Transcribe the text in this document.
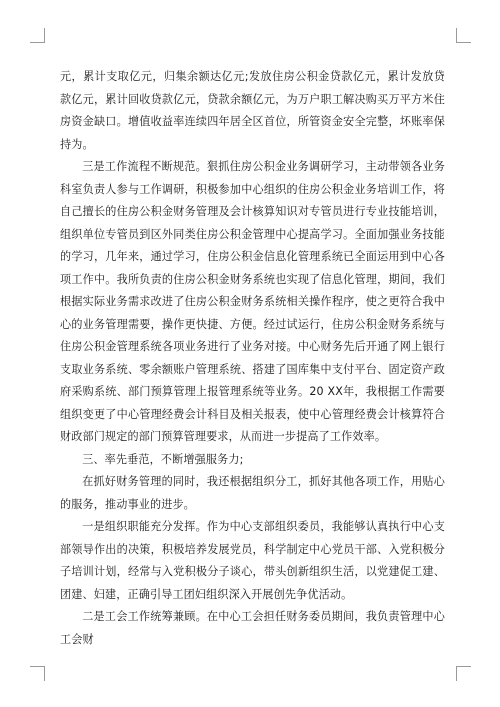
元，累计支取亿元，归集余额达亿元;发放住房公积金贷款亿元，累计发放贷款亿元，累计回收贷款亿元，贷款余额亿元，为万户职工解决购买万平方米住房资金缺口。增值收益率连续四年居全区首位，所管资金安全完整，坏账率保持为。

三是工作流程不断规范。狠抓住房公积金业务调研学习，主动带领各业务科室负责人参与工作调研，积极参加中心组织的住房公积金业务培训工作，将自己擅长的住房公积金财务管理及会计核算知识对专管员进行专业技能培训，组织单位专管员到区外同类住房公积金管理中心提高学习。全面加强业务技能的学习，几年来，通过学习，住房公积金信息化管理系统已全面运用到中心各项工作中。我所负责的住房公积金财务系统也实现了信息化管理，期间，我们根据实际业务需求改进了住房公积金财务系统相关操作程序，使之更符合我中心的业务管理需要，操作更快捷、方便。经过试运行，住房公积金财务系统与住房公积金管理系统各项业务进行了业务对接。中心财务先后开通了网上银行支取业务系统、零余额账户管理系统、搭建了国库集中支付平台、固定资产政府采购系统、部门预算管理上报管理系统等业务。20 XX年，我根据工作需要组织变更了中心管理经费会计科目及相关报表，使中心管理经费会计核算符合财政部门规定的部门预算管理要求，从而进一步提高了工作效率。

三、率先垂范，不断增强服务力;

在抓好财务管理的同时，我还根据组织分工，抓好其他各项工作，用贴心的服务，推动事业的进步。

一是组织职能充分发挥。作为中心支部组织委员，我能够认真执行中心支部领导作出的决策，积极培养发展党员，科学制定中心党员干部、入党积极分子培训计划，经常与入党积极分子谈心，带头创新组织生活，以党建促工建、团建、妇建，正确引导工团妇组织深入开展创先争优活动。

二是工会工作统筹兼顾。在中心工会担任财务委员期间，我负责管理中心工会财
